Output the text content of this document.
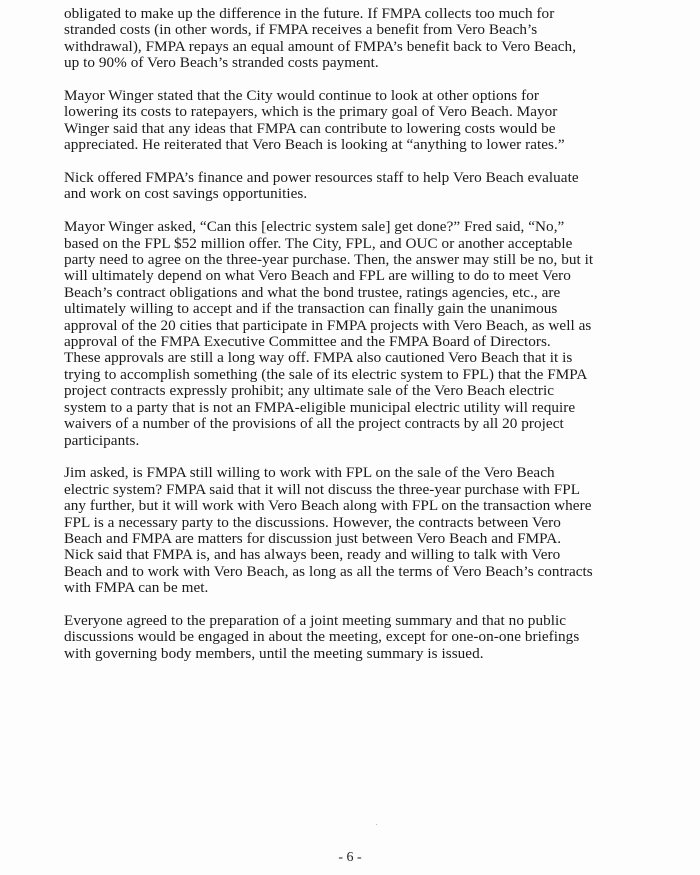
obligated to make up the difference in the future. If FMPA collects too much for
stranded costs (in other words, if FMPA receives a benefit from Vero Beach’s
withdrawal), FMPA repays an equal amount of FMPA’s benefit back to Vero Beach,
up to 90% of Vero Beach’s stranded costs payment.

Mayor Winger stated that the City would continue to look at other options for
lowering its costs to ratepayers, which is the primary goal of Vero Beach. Mayor
Winger said that any ideas that FMPA can contribute to lowering costs would be
appreciated. He reiterated that Vero Beach is looking at “anything to lower rates.”

Nick offered FMPA’s finance and power resources staff to help Vero Beach evaluate
and work on cost savings opportunities.

Mayor Winger asked, “Can this [electric system sale] get done?” Fred said, “No,”
based on the FPL $52 million offer. The City, FPL, and OUC or another acceptable
party need to agree on the three-year purchase. Then, the answer may still be no, but it
will ultimately depend on what Vero Beach and FPL are willing to do to meet Vero
Beach’s contract obligations and what the bond trustee, ratings agencies, etc., are
ultimately willing to accept and if the transaction can finally gain the unanimous
approval of the 20 cities that participate in FMPA projects with Vero Beach, as well as
approval of the FMPA Executive Committee and the FMPA Board of Directors.
These approvals are still a long way off. FMPA also cautioned Vero Beach that it is
trying to accomplish something (the sale of its electric system to FPL) that the FMPA
project contracts expressly prohibit; any ultimate sale of the Vero Beach electric
system to a party that is not an FMPA-eligible municipal electric utility will require
waivers of a number of the provisions of all the project contracts by all 20 project
participants.

Jim asked, is FMPA still willing to work with FPL on the sale of the Vero Beach
electric system? FMPA said that it will not discuss the three-year purchase with FPL
any further, but it will work with Vero Beach along with FPL on the transaction where
FPL is a necessary party to the discussions. However, the contracts between Vero
Beach and FMPA are matters for discussion just between Vero Beach and FMPA.
Nick said that FMPA is, and has always been, ready and willing to talk with Vero
Beach and to work with Vero Beach, as long as all the terms of Vero Beach’s contracts
with FMPA can be met.

Everyone agreed to the preparation of a joint meeting summary and that no public
discussions would be engaged in about the meeting, except for one-on-one briefings
with governing body members, until the meeting summary is issued.

- 6 -
